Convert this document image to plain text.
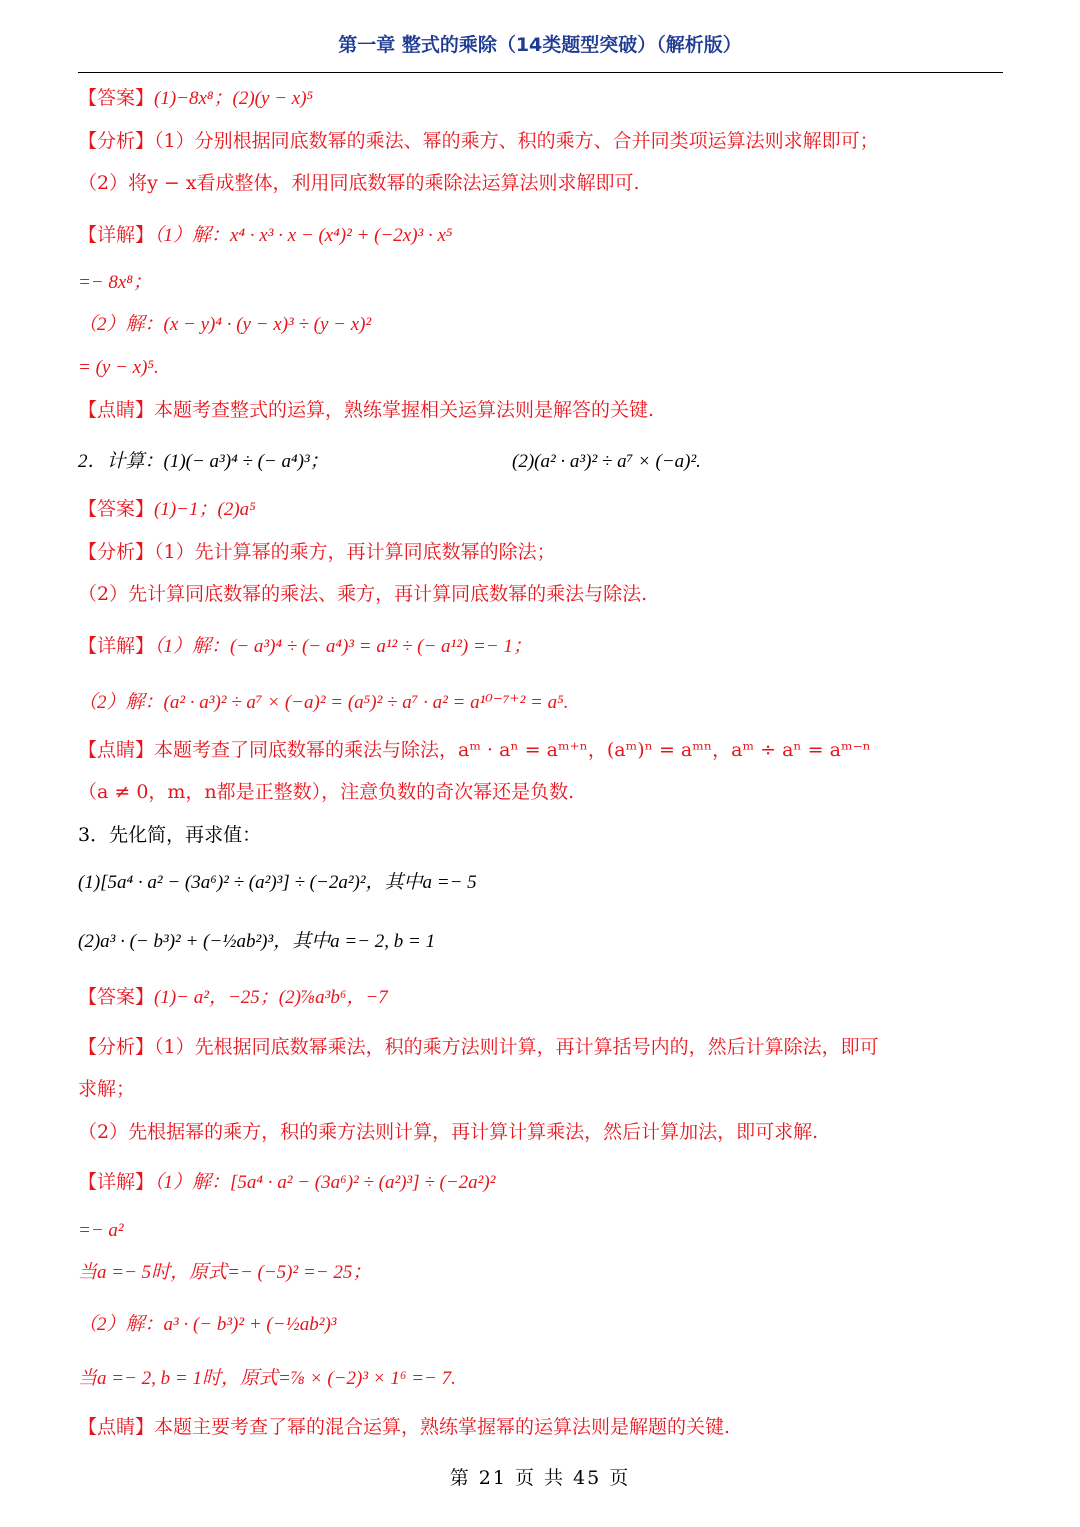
第一章 整式的乘除（14类题型突破）（解析版）
【答案】(1)−8x⁸；(2)(y − x)⁵
【分析】（1）分别根据同底数幂的乘法、幂的乘方、积的乘方、合并同类项运算法则求解即可；
（2）将y − x看成整体，利用同底数幂的乘除法运算法则求解即可.
【详解】（1）解：x⁴ · x³ · x − (x⁴)² + (−2x)³ · x⁵
=− 8x⁸；
（2）解：(x − y)⁴ · (y − x)³ ÷ (y − x)²
= (y − x)⁵.
【点睛】本题考查整式的运算，熟练掌握相关运算法则是解答的关键.
2．计算：(1)(− a³)⁴ ÷ (− a⁴)³；	(2)(a² · a³)² ÷ a⁷ × (−a)².
【答案】(1)−1；(2)a⁵
【分析】（1）先计算幂的乘方，再计算同底数幂的除法；
（2）先计算同底数幂的乘法、乘方，再计算同底数幂的乘法与除法.
【详解】（1）解：(− a³)⁴ ÷ (− a⁴)³ = a¹² ÷ (− a¹²) =− 1；
（2）解：(a² · a³)² ÷ a⁷ × (−a)² = (a⁵)² ÷ a⁷ · a² = a¹⁰⁻⁷⁺² = a⁵.
【点睛】本题考查了同底数幂的乘法与除法，aᵐ · aⁿ = aᵐ⁺ⁿ，(aᵐ)ⁿ = aᵐⁿ，aᵐ ÷ aⁿ = aᵐ⁻ⁿ
（a ≠ 0，m，n都是正整数），注意负数的奇次幂还是负数.
3．先化简，再求值：
(1)[5a⁴ · a² − (3a⁶)² ÷ (a²)³] ÷ (−2a²)²，其中a =− 5
(2)a³ · (− b³)² + (−½ab²)³，其中a =− 2, b = 1
【答案】(1)− a²，−25；(2)⅞a³b⁶，−7
【分析】（1）先根据同底数幂乘法，积的乘方法则计算，再计算括号内的，然后计算除法，即可
求解；
（2）先根据幂的乘方，积的乘方法则计算，再计算计算乘法，然后计算加法，即可求解.
【详解】（1）解：[5a⁴ · a² − (3a⁶)² ÷ (a²)³] ÷ (−2a²)²
=− a²
当a =− 5时，原式=− (−5)² =− 25；
（2）解：a³ · (− b³)² + (−½ab²)³
当a =− 2, b = 1时，原式=⅞ × (−2)³ × 1⁶ =− 7.
【点睛】本题主要考查了幂的混合运算，熟练掌握幂的运算法则是解题的关键.
第 21 页 共 45 页
